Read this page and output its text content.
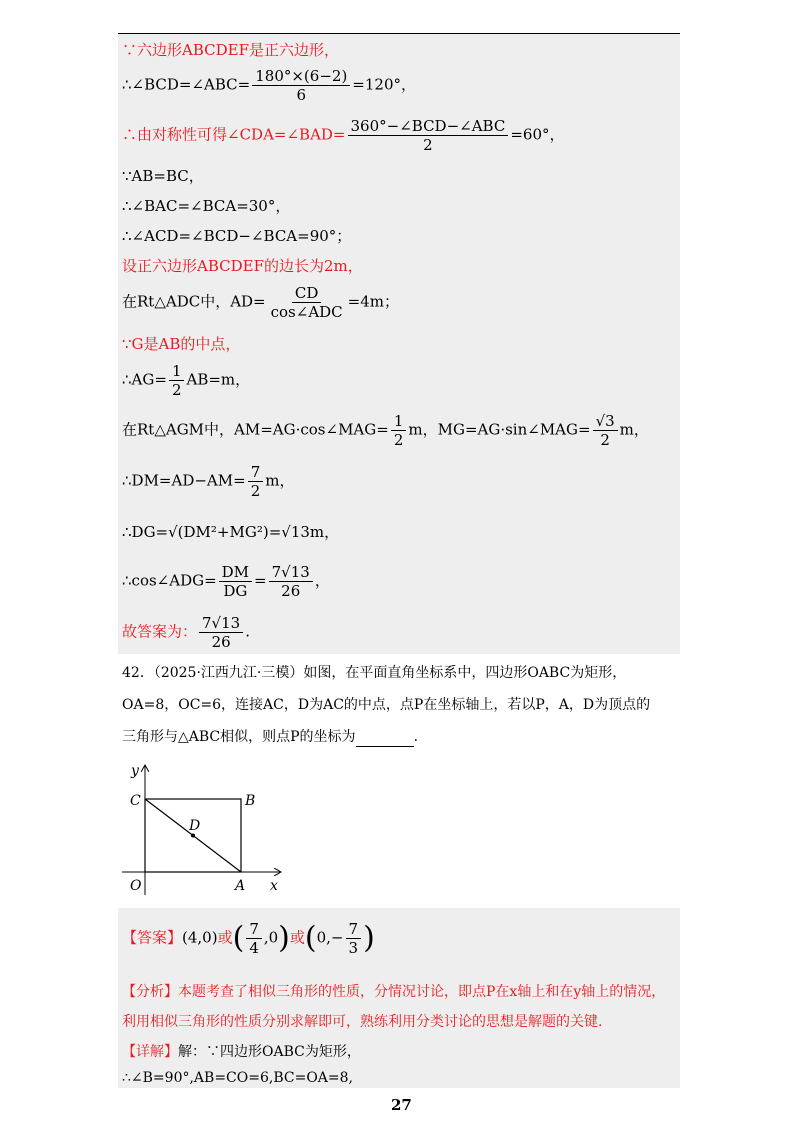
∵六边形ABCDEF是正六边形，
∴∠BCD=∠ABC= $\frac{180^\circ\times(6-2)}{6} =120^\circ$，
∴由对称性可得∠CDA=∠BAD= $\frac{\text{360°−∠BCD−∠ABC}}{2} =60^\circ$，
∵AB=BC，
∴∠BAC=∠BCA=30°，
∴∠ACD=∠BCD−∠BCA=90°；
设正六边形ABCDEF的边长为2m，
在Rt△ADC中，$AD= \frac{CD}{\text{cos∠ADC}} =4m$；
∵G是AB的中点，
∴AG= $\frac{1}{2} AB=m$，
在Rt△AGM中，AM=AG·cos∠MAG= $\frac{1}{2}$ m，MG=AG·sin∠MAG= $\frac{√3}{2}$ m，
∴DM=AD−AM= $\frac{7}{2}$ m，
∴DG=√(DM²+MG²)=√13m，
∴cos∠ADG= $\frac{DM}{DG} = \frac{7√13}{26}$ ，
故答案为： $\frac{7√13}{26}$ .
42．（2025·江西九江·三模）如图，在平面直角坐标系中，四边形OABC为矩形，
OA=8，OC=6，连接AC，D为AC的中点，点P在坐标轴上，若以P，A，D为顶点的
三角形与△ABC相似，则点P的坐标为	.
y
C	B
D
O	A x
【答案】(4,0)或( $\frac{7}{4} ,0$)或($0,- \frac{7}{3}$ )
【分析】本题考查了相似三角形的性质，分情况讨论，即点P在x轴上和在y轴上的情况，
利用相似三角形的性质分别求解即可，熟练利用分类讨论的思想是解题的关键.
【详解】解：∵四边形OABC为矩形，
∴∠B=90°,AB=CO=6,BC=OA=8,
27
